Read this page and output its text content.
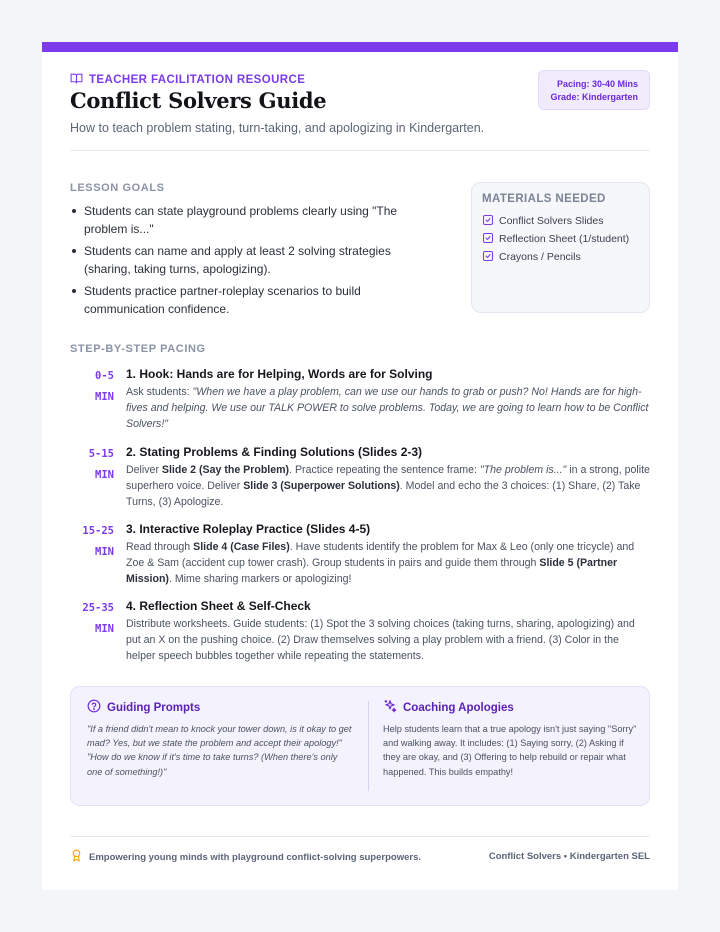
TEACHER FACILITATION RESOURCE
Conflict Solvers Guide
How to teach problem stating, turn-taking, and apologizing in Kindergarten.
Pacing: 30-40 Mins
Grade: Kindergarten
LESSON GOALS
Students can state playground problems clearly using "The problem is..."
Students can name and apply at least 2 solving strategies (sharing, taking turns, apologizing).
Students practice partner-roleplay scenarios to build communication confidence.
MATERIALS NEEDED
Conflict Solvers Slides
Reflection Sheet (1/student)
Crayons / Pencils
STEP-BY-STEP PACING
0-5
MIN
1. Hook: Hands are for Helping, Words are for Solving
Ask students: "When we have a play problem, can we use our hands to grab or push? No! Hands are for high-fives and helping. We use our TALK POWER to solve problems. Today, we are going to learn how to be Conflict Solvers!"
5-15
MIN
2. Stating Problems & Finding Solutions (Slides 2-3)
Deliver Slide 2 (Say the Problem). Practice repeating the sentence frame: "The problem is..." in a strong, polite superhero voice. Deliver Slide 3 (Superpower Solutions). Model and echo the 3 choices: (1) Share, (2) Take Turns, (3) Apologize.
15-25
MIN
3. Interactive Roleplay Practice (Slides 4-5)
Read through Slide 4 (Case Files). Have students identify the problem for Max & Leo (only one tricycle) and Zoe & Sam (accident cup tower crash). Group students in pairs and guide them through Slide 5 (Partner Mission). Mime sharing markers or apologizing!
25-35
MIN
4. Reflection Sheet & Self-Check
Distribute worksheets. Guide students: (1) Spot the 3 solving choices (taking turns, sharing, apologizing) and put an X on the pushing choice. (2) Draw themselves solving a play problem with a friend. (3) Color in the helper speech bubbles together while repeating the statements.
Guiding Prompts
"If a friend didn't mean to knock your tower down, is it okay to get mad? Yes, but we state the problem and accept their apology!"
"How do we know if it's time to take turns? (When there's only one of something!)"
Coaching Apologies
Help students learn that a true apology isn't just saying "Sorry" and walking away. It includes: (1) Saying sorry, (2) Asking if they are okay, and (3) Offering to help rebuild or repair what happened. This builds empathy!
Empowering young minds with playground conflict-solving superpowers.	Conflict Solvers • Kindergarten SEL
